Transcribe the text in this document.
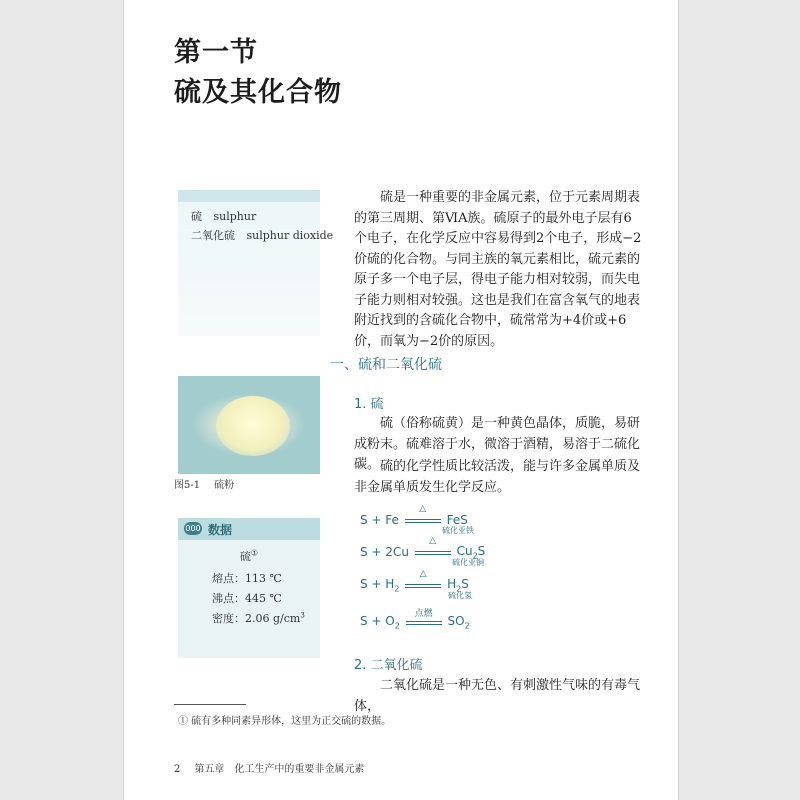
第一节
硫及其化合物
硫 sulphur
二氧化硫 sulphur dioxide

硫是一种重要的非金属元素，位于元素周期表的第三周期、第ⅥA族。硫原子的最外电子层有6个电子，在化学反应中容易得到2个电子，形成−2价硫的化合物。与同主族的氧元素相比，硫元素的原子多一个电子层，得电子能力相对较弱，而失电子能力则相对较强。这也是我们在富含氧气的地表附近找到的含硫化合物中，硫常常为+4价或+6价，而氧为−2价的原因。

图5-1 硫粉
一、硫和二氧化硫
1. 硫

硫（俗称硫黄）是一种黄色晶体，质脆，易研成粉末。硫难溶于水，微溶于酒精，易溶于二硫化碳。 硫的化学性质比较活泼，能与许多金属单质及非金属单质发生化学反应。

000 数据
硫①
熔点：113 ℃
沸点：445 ℃
密度：2.06 $g/cm^3$
S + Fe
△
FeS
硫化亚铁
S + 2Cu
△
$Cu_2S$
硫化亚铜
$S + H_2$
△
$H_2S$
硫化氢
$S + O_2$
点燃	$SO_2$
2. 二氧化硫

二氧化硫是一种无色、有刺激性气味的有毒气体，

① 硫有多种同素异形体，这里为正交硫的数据。
2 第五章　化工生产中的重要非金属元素
